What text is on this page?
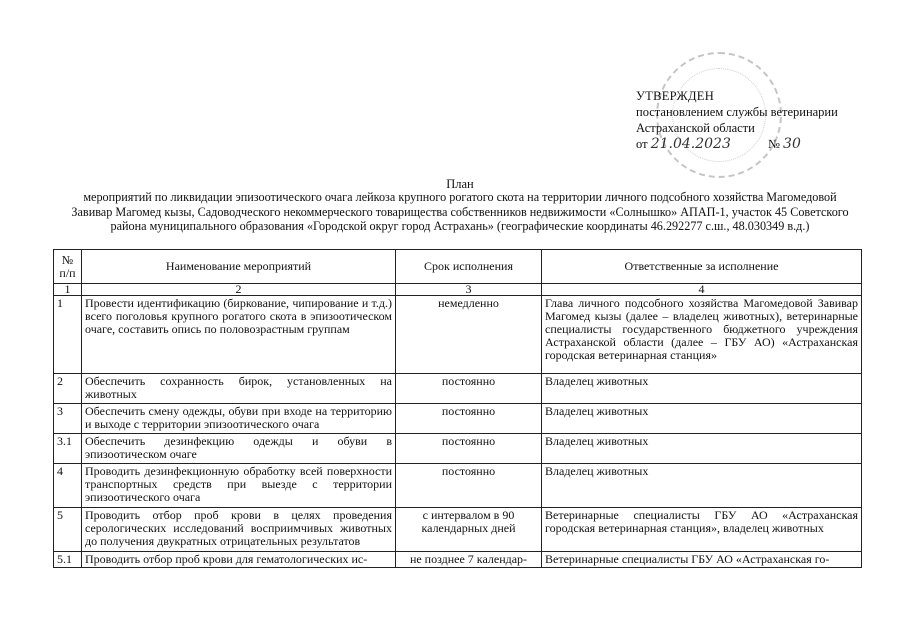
УТВЕРЖДЕН
постановлением службы ветеринарии
Астраханской области
от 21.04.2023	№ 30
План
мероприятий по ликвидации эпизоотического очага лейкоза крупного рогатого скота на территории личного подсобного хозяйства Магомедовой Завивар Магомед кызы, Садоводческого некоммерческого товарищества собственников недвижимости «Солнышко» АПАП-1, участок 45 Советского района муниципального образования «Городской округ город Астрахань» (географические координаты 46.292277 с.ш., 48.030349 в.д.)
№ п/п	Наименование мероприятий	Срок исполнения	Ответственные за исполнение
1	2	3	4
1	Провести идентификацию (биркование, чипирование и т.д.) всего поголовья крупного рогатого скота в эпизоотическом очаге, составить опись по половозрастным группам	немедленно	Глава личного подсобного хозяйства Магомедовой Завивар Магомед кызы (далее – владелец животных), ветеринарные специалисты государственного бюджетного учреждения Астраханской области (далее – ГБУ АО) «Астраханская городская ветеринарная станция»
2	Обеспечить сохранность бирок, установленных на животных	постоянно	Владелец животных
3	Обеспечить смену одежды, обуви при входе на территорию и выходе с территории эпизоотического очага	постоянно	Владелец животных
3.1	Обеспечить дезинфекцию одежды и обуви в эпизоотическом очаге	постоянно	Владелец животных
4	Проводить дезинфекционную обработку всей поверхности транспортных средств при выезде с территории эпизоотического очага	постоянно	Владелец животных
5	Проводить отбор проб крови в целях проведения серологических исследований восприимчивых животных до получения двукратных отрицательных результатов	с интервалом в 90 календарных дней	Ветеринарные специалисты ГБУ АО «Астраханская городская ветеринарная станция», владелец животных
5.1	Проводить отбор проб крови для гематологических ис-	не позднее 7 календар-	Ветеринарные специалисты ГБУ АО «Астраханская го-
